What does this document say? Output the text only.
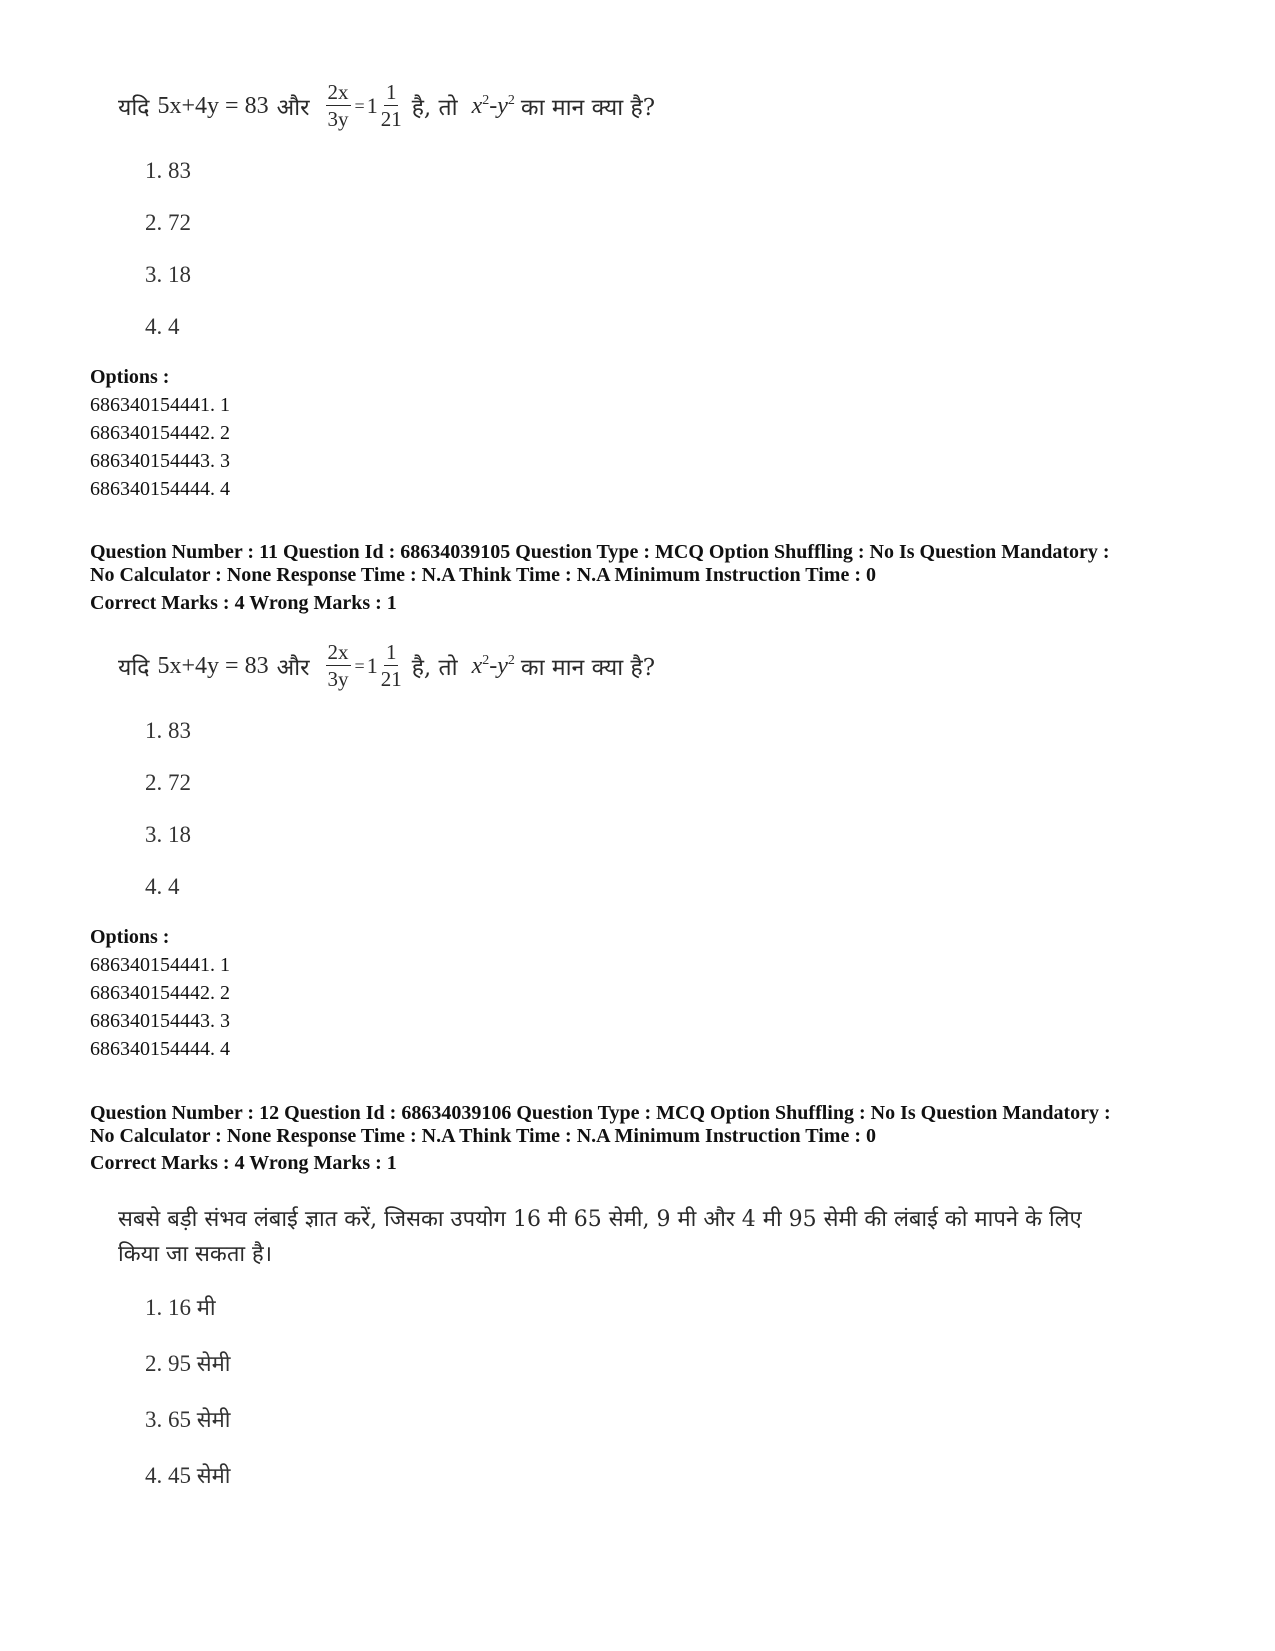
यदि 5x+4y = 83 और $\frac{2x}{3y} = 1 \frac{1}{21}$ है, तो $x^2-y^2$ का मान क्या है?
1. 83
2. 72
3. 18
4. 4
Options :
686340154441. 1
686340154442. 2
686340154443. 3
686340154444. 4
Question Number : 11 Question Id : 68634039105 Question Type : MCQ Option Shuffling : No Is Question Mandatory :
No Calculator : None Response Time : N.A Think Time : N.A Minimum Instruction Time : 0
Correct Marks : 4 Wrong Marks : 1
यदि 5x+4y = 83 और $\frac{2x}{3y} = 1 \frac{1}{21}$ है, तो $x^2-y^2$ का मान क्या है?
1. 83
2. 72
3. 18
4. 4
Options :
686340154441. 1
686340154442. 2
686340154443. 3
686340154444. 4
Question Number : 12 Question Id : 68634039106 Question Type : MCQ Option Shuffling : No Is Question Mandatory :
No Calculator : None Response Time : N.A Think Time : N.A Minimum Instruction Time : 0
Correct Marks : 4 Wrong Marks : 1
सबसे बड़ी संभव लंबाई ज्ञात करें, जिसका उपयोग 16 मी 65 सेमी, 9 मी और 4 मी 95 सेमी की लंबाई को मापने के लिए
किया जा सकता है।
1. 16 मी
2. 95 सेमी
3. 65 सेमी
4. 45 सेमी
